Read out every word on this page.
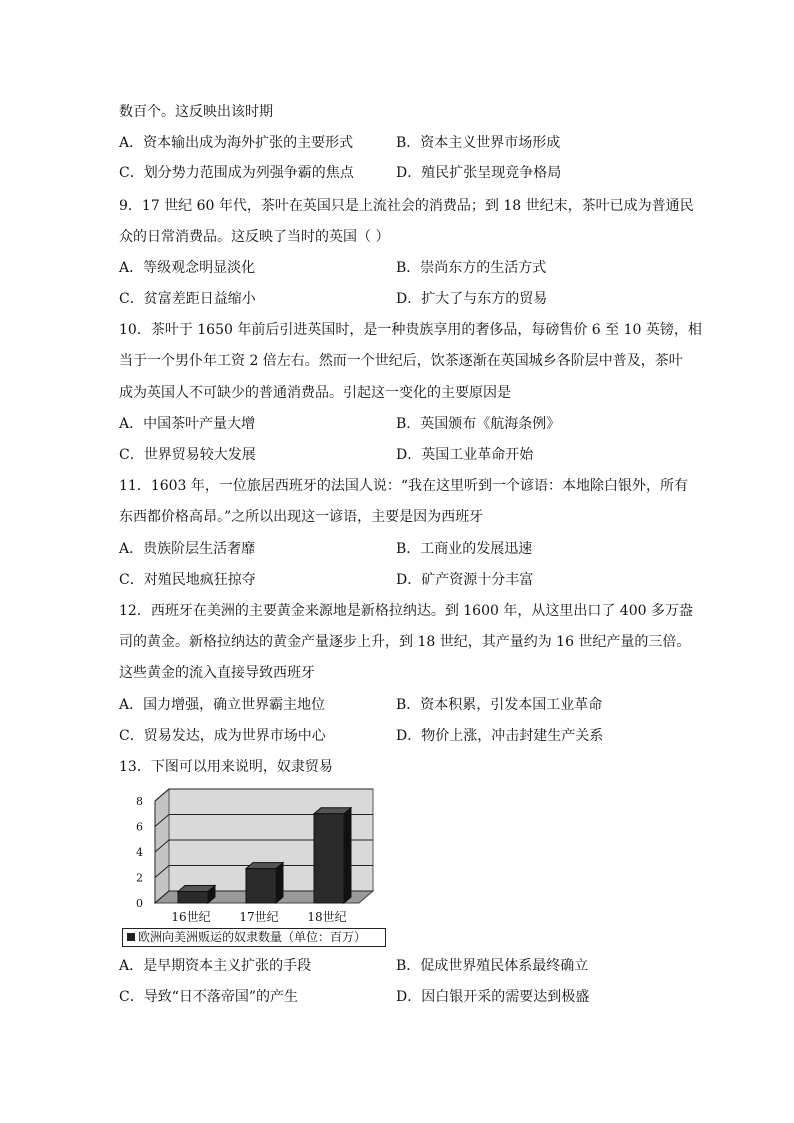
数百个。这反映出该时期
A．资本输出成为海外扩张的主要形式	B．资本主义世界市场形成
C．划分势力范围成为列强争霸的焦点	D．殖民扩张呈现竞争格局
9．17 世纪 60 年代，茶叶在英国只是上流社会的消费品；到 18 世纪末，茶叶已成为普通民
众的日常消费品。这反映了当时的英国（ ）
A．等级观念明显淡化	B．崇尚东方的生活方式
C．贫富差距日益缩小	D．扩大了与东方的贸易
10．茶叶于 1650 年前后引进英国时，是一种贵族享用的奢侈品，每磅售价 6 至 10 英镑，相
当于一个男仆年工资 2 倍左右。然而一个世纪后，饮茶逐渐在英国城乡各阶层中普及，茶叶
成为英国人不可缺少的普通消费品。引起这一变化的主要原因是
A．中国茶叶产量大增	B．英国颁布《航海条例》
C．世界贸易较大发展	D．英国工业革命开始
11．1603 年，一位旅居西班牙的法国人说：“我在这里听到一个谚语：本地除白银外，所有
东西都价格高昂。”之所以出现这一谚语，主要是因为西班牙
A．贵族阶层生活奢靡	B．工商业的发展迅速
C．对殖民地疯狂掠夺	D．矿产资源十分丰富
12．西班牙在美洲的主要黄金来源地是新格拉纳达。到 1600 年，从这里出口了 400 多万盎
司的黄金。新格拉纳达的黄金产量逐步上升，到 18 世纪，其产量约为 16 世纪产量的三倍。
这些黄金的流入直接导致西班牙
A．国力增强，确立世界霸主地位	B．资本积累，引发本国工业革命
C．贸易发达，成为世界市场中心	D．物价上涨，冲击封建生产关系
13．下图可以用来说明，奴隶贸易
0
2
4
6
8
16世纪 17世纪 18世纪
欧洲向美洲贩运的奴隶数量（单位：百万）
A．是早期资本主义扩张的手段	B．促成世界殖民体系最终确立
C．导致“日不落帝国”的产生	D．因白银开采的需要达到极盛
